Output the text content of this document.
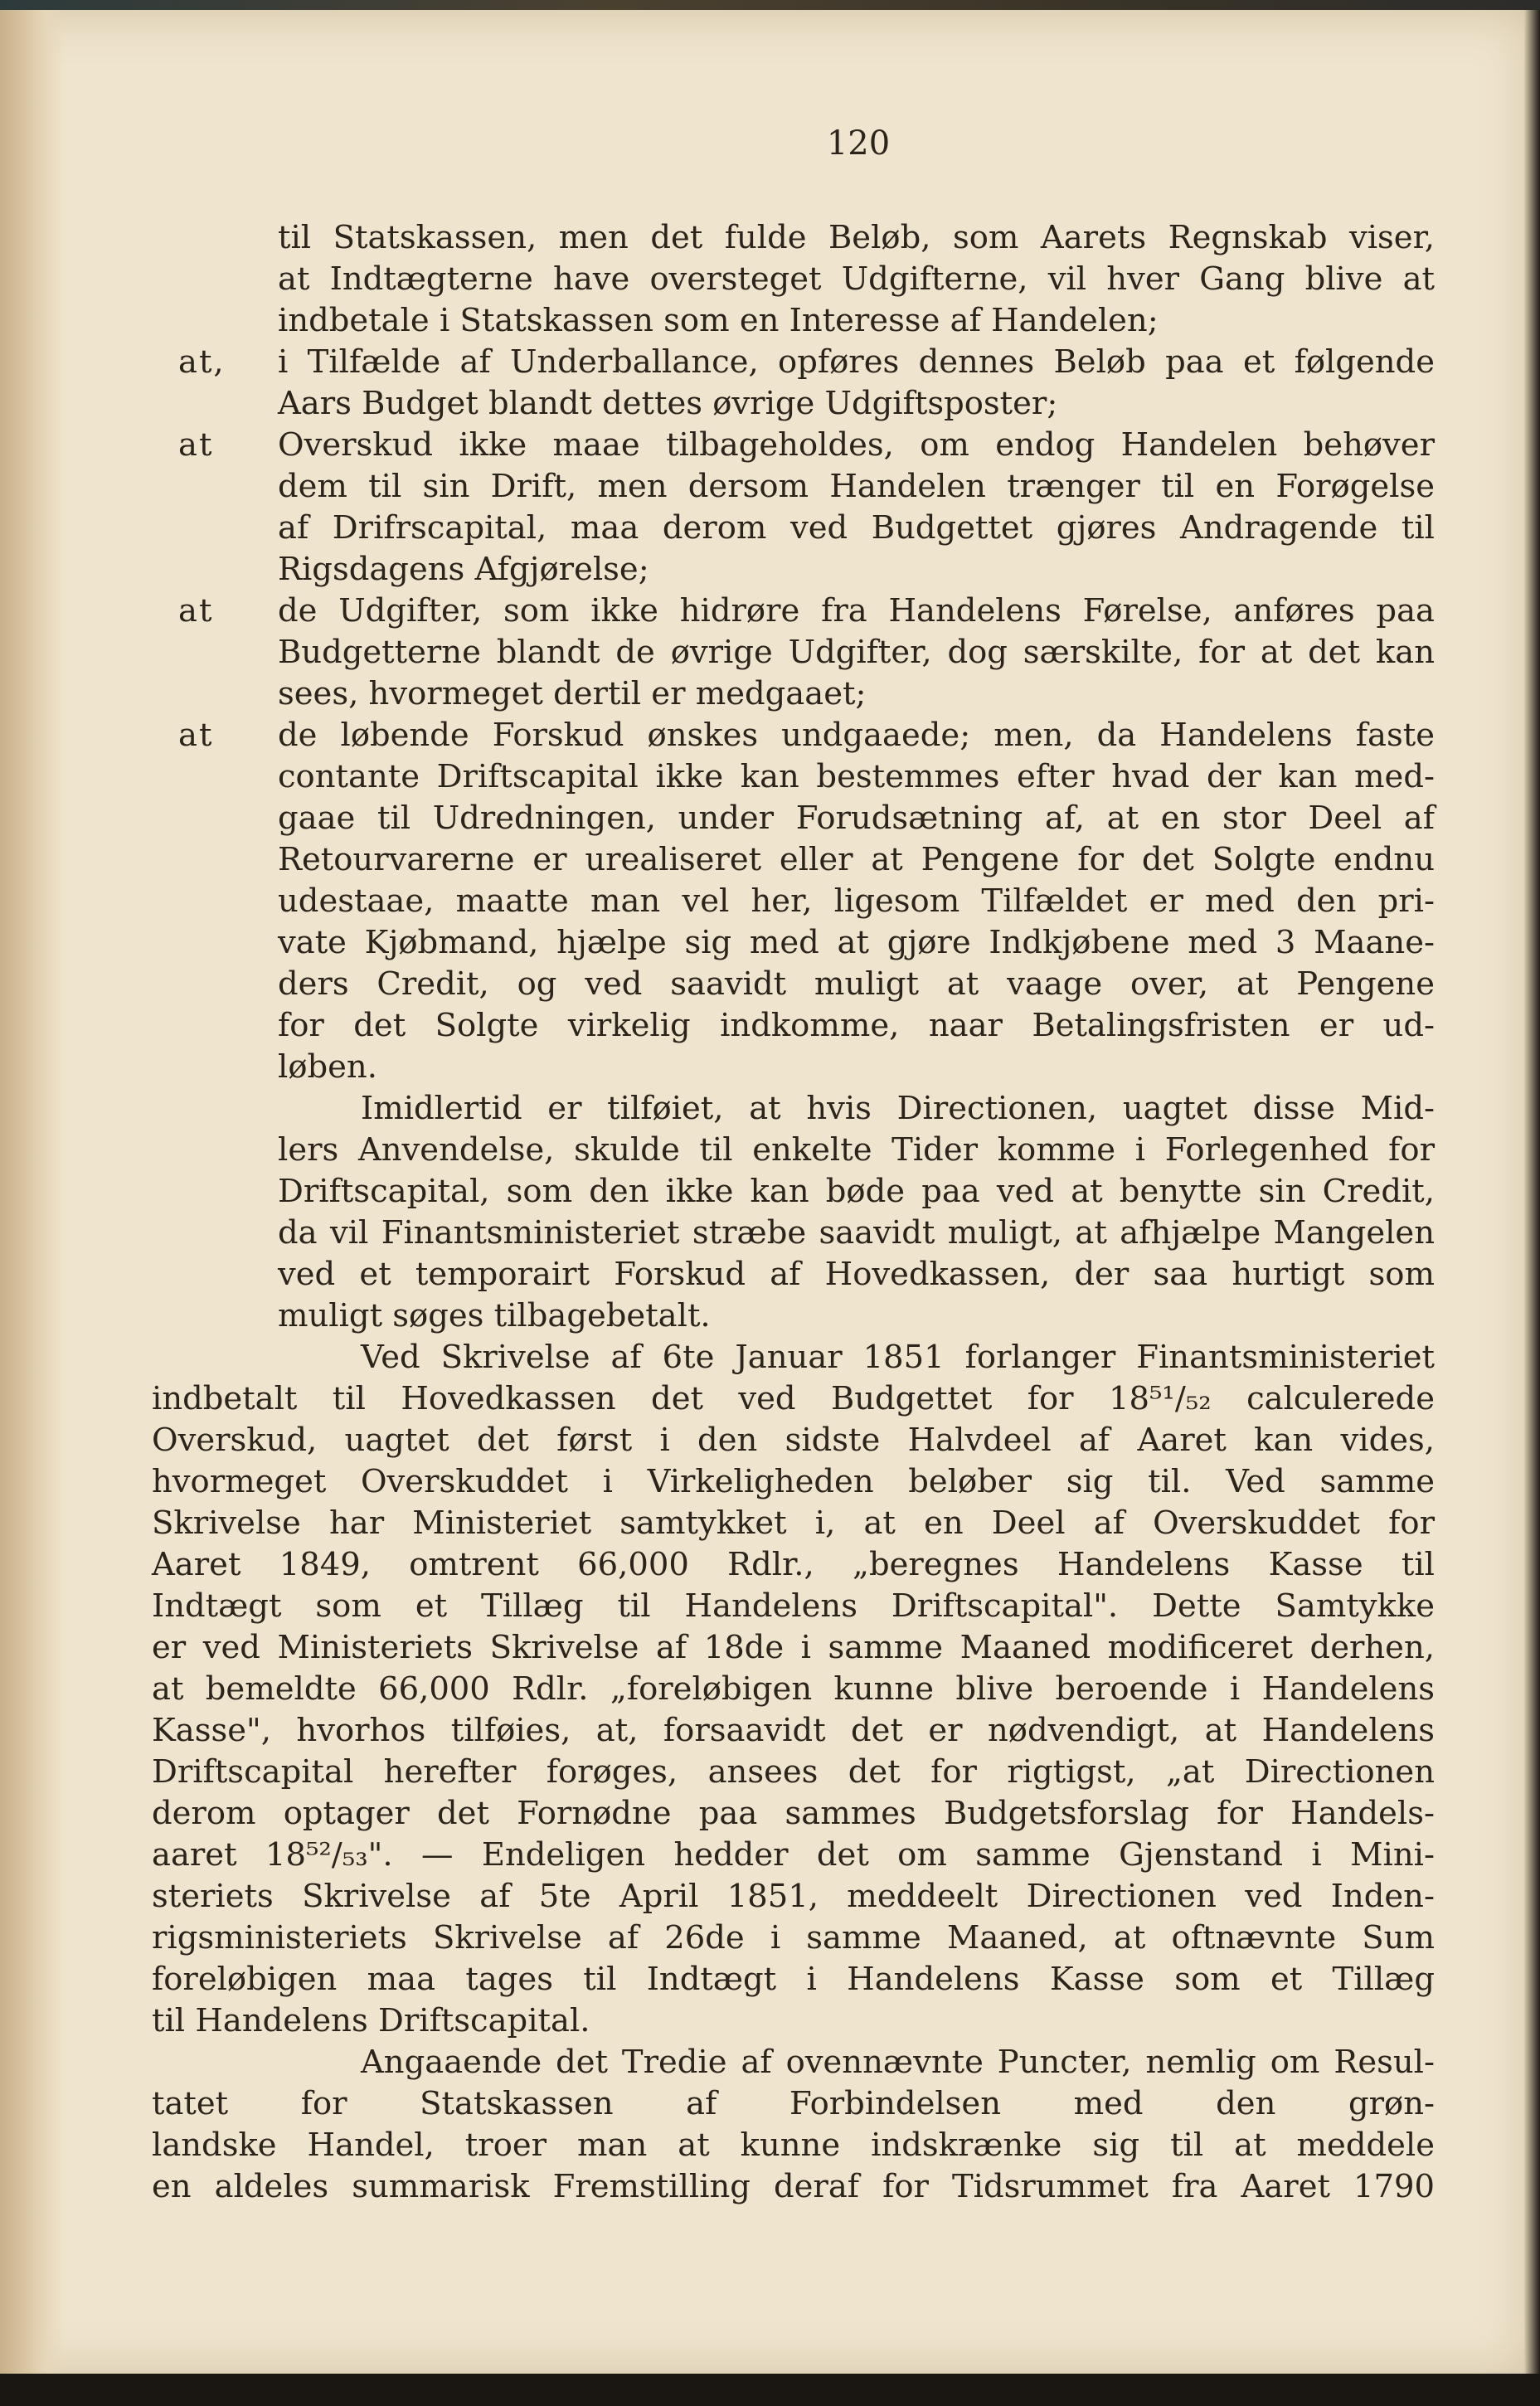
120
til Statskassen, men det fulde Beløb, som Aarets Regnskab viser,
at Indtægterne have oversteget Udgifterne, vil hver Gang blive at
indbetale i Statskassen som en Interesse af Handelen;
at,	i Tilfælde af Underballance, opføres dennes Beløb paa et følgende
Aars Budget blandt dettes øvrige Udgiftsposter;
at	Overskud ikke maae tilbageholdes, om endog Handelen behøver
dem til sin Drift, men dersom Handelen trænger til en Forøgelse
af Drifrscapital, maa derom ved Budgettet gjøres Andragende til
Rigsdagens Afgjørelse;
at	de Udgifter, som ikke hidrøre fra Handelens Førelse, anføres paa
Budgetterne blandt de øvrige Udgifter, dog særskilte, for at det kan
sees, hvormeget dertil er medgaaet;
at	de løbende Forskud ønskes undgaaede; men, da Handelens faste
contante Driftscapital ikke kan bestemmes efter hvad der kan med-
gaae til Udredningen, under Forudsætning af, at en stor Deel af
Retourvarerne er urealiseret eller at Pengene for det Solgte endnu
udestaae, maatte man vel her, ligesom Tilfældet er med den pri-
vate Kjøbmand, hjælpe sig med at gjøre Indkjøbene med 3 Maane-
ders Credit, og ved saavidt muligt at vaage over, at Pengene
for det Solgte virkelig indkomme, naar Betalingsfristen er ud-
løben.
Imidlertid er tilføiet, at hvis Directionen, uagtet disse Mid-
lers Anvendelse, skulde til enkelte Tider komme i Forlegenhed for
Driftscapital, som den ikke kan bøde paa ved at benytte sin Credit,
da vil Finantsministeriet stræbe saavidt muligt, at afhjælpe Mangelen
ved et temporairt Forskud af Hovedkassen, der saa hurtigt som
muligt søges tilbagebetalt.
Ved Skrivelse af 6te Januar 1851 forlanger Finantsministeriet
indbetalt til Hovedkassen det ved Budgettet for 18⁵¹/₅₂ calculerede
Overskud, uagtet det først i den sidste Halvdeel af Aaret kan vides,
hvormeget Overskuddet i Virkeligheden beløber sig til. Ved samme
Skrivelse har Ministeriet samtykket i, at en Deel af Overskuddet for
Aaret 1849, omtrent 66,000 Rdlr., „beregnes Handelens Kasse til
Indtægt som et Tillæg til Handelens Driftscapital". Dette Samtykke
er ved Ministeriets Skrivelse af 18de i samme Maaned modificeret derhen,
at bemeldte 66,000 Rdlr. „foreløbigen kunne blive beroende i Handelens
Kasse", hvorhos tilføies, at, forsaavidt det er nødvendigt, at Handelens
Driftscapital herefter forøges, ansees det for rigtigst, „at Directionen
derom optager det Fornødne paa sammes Budgetsforslag for Handels-
aaret 18⁵²/₅₃". — Endeligen hedder det om samme Gjenstand i Mini-
steriets Skrivelse af 5te April 1851, meddeelt Directionen ved Inden-
rigsministeriets Skrivelse af 26de i samme Maaned, at oftnævnte Sum
foreløbigen maa tages til Indtægt i Handelens Kasse som et Tillæg
til Handelens Driftscapital.
Angaaende det Tredie af ovennævnte Puncter, nemlig om Resul-
tatet for Statskassen af Forbindelsen med den grøn-
landske Handel, troer man at kunne indskrænke sig til at meddele
en aldeles summarisk Fremstilling deraf for Tidsrummet fra Aaret 1790
